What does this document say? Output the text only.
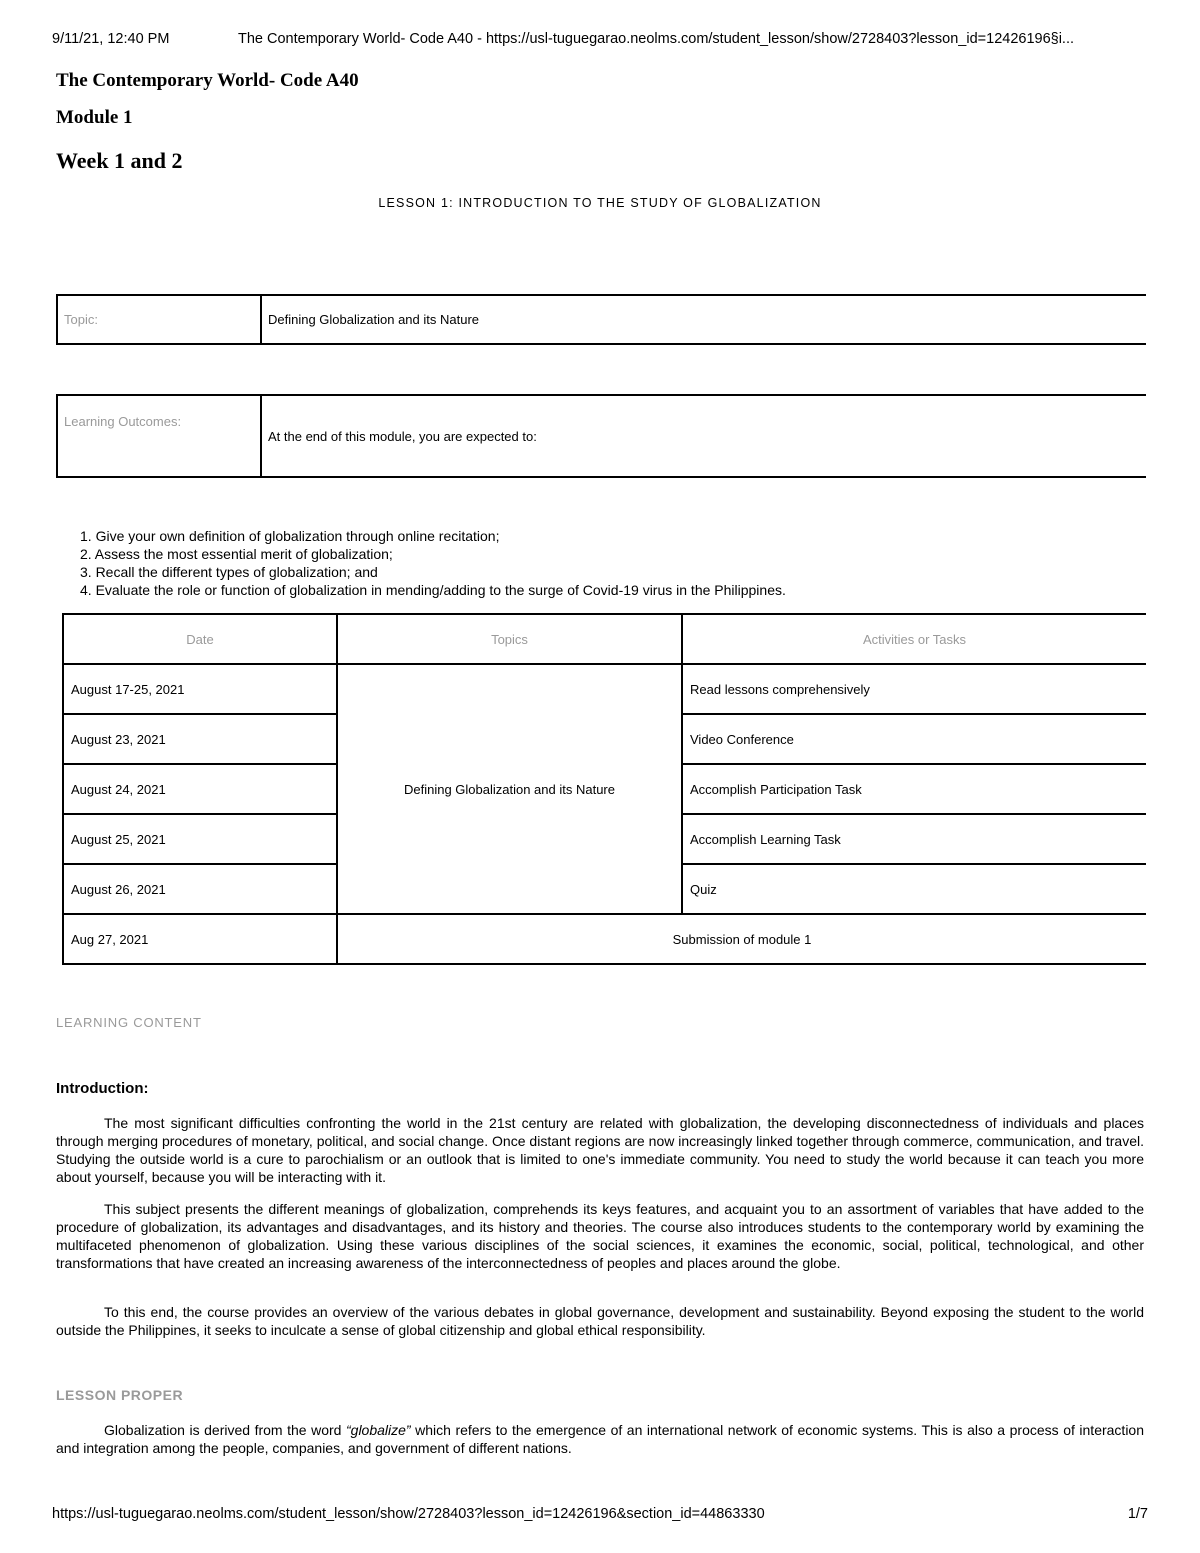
9/11/21, 12:40 PM	The Contemporary World- Code A40 - https://usl-tuguegarao.neolms.com/student_lesson/show/2728403?lesson_id=12426196§i...
The Contemporary World- Code A40
Module 1
Week 1 and 2
LESSON 1: INTRODUCTION TO THE STUDY OF GLOBALIZATION
Topic:	Defining Globalization and its Nature
Learning Outcomes:	At the end of this module, you are expected to:
1. Give your own definition of globalization through online recitation;
2. Assess the most essential merit of globalization;
3. Recall the different types of globalization; and
4. Evaluate the role or function of globalization in mending/adding to the surge of Covid-19 virus in the Philippines.
Date	Topics	Activities or Tasks
August 17-25, 2021	Defining Globalization and its Nature	Read lessons comprehensively
August 23, 2021		Video Conference
August 24, 2021		Accomplish Participation Task
August 25, 2021		Accomplish Learning Task
August 26, 2021		Quiz
Aug 27, 2021	Submission of module 1	
LEARNING CONTENT
Introduction:

The most significant difficulties confronting the world in the 21st century are related with globalization, the developing disconnectedness of individuals and places through merging procedures of monetary, political, and social change. Once distant regions are now increasingly linked together through commerce, communication, and travel. Studying the outside world is a cure to parochialism or an outlook that is limited to one's immediate community. You need to study the world because it can teach you more about yourself, because you will be interacting with it.

This subject presents the different meanings of globalization, comprehends its keys features, and acquaint you to an assortment of variables that have added to the procedure of globalization, its advantages and disadvantages, and its history and theories. The course also introduces students to the contemporary world by examining the multifaceted phenomenon of globalization. Using these various disciplines of the social sciences, it examines the economic, social, political, technological, and other transformations that have created an increasing awareness of the interconnectedness of peoples and places around the globe.

To this end, the course provides an overview of the various debates in global governance, development and sustainability. Beyond exposing the student to the world outside the Philippines, it seeks to inculcate a sense of global citizenship and global ethical responsibility.

LESSON PROPER

Globalization is derived from the word “globalize” which refers to the emergence of an international network of economic systems. This is also a process of interaction and integration among the people, companies, and government of different nations.

https://usl-tuguegarao.neolms.com/student_lesson/show/2728403?lesson_id=12426196&section_id=44863330	1/7
